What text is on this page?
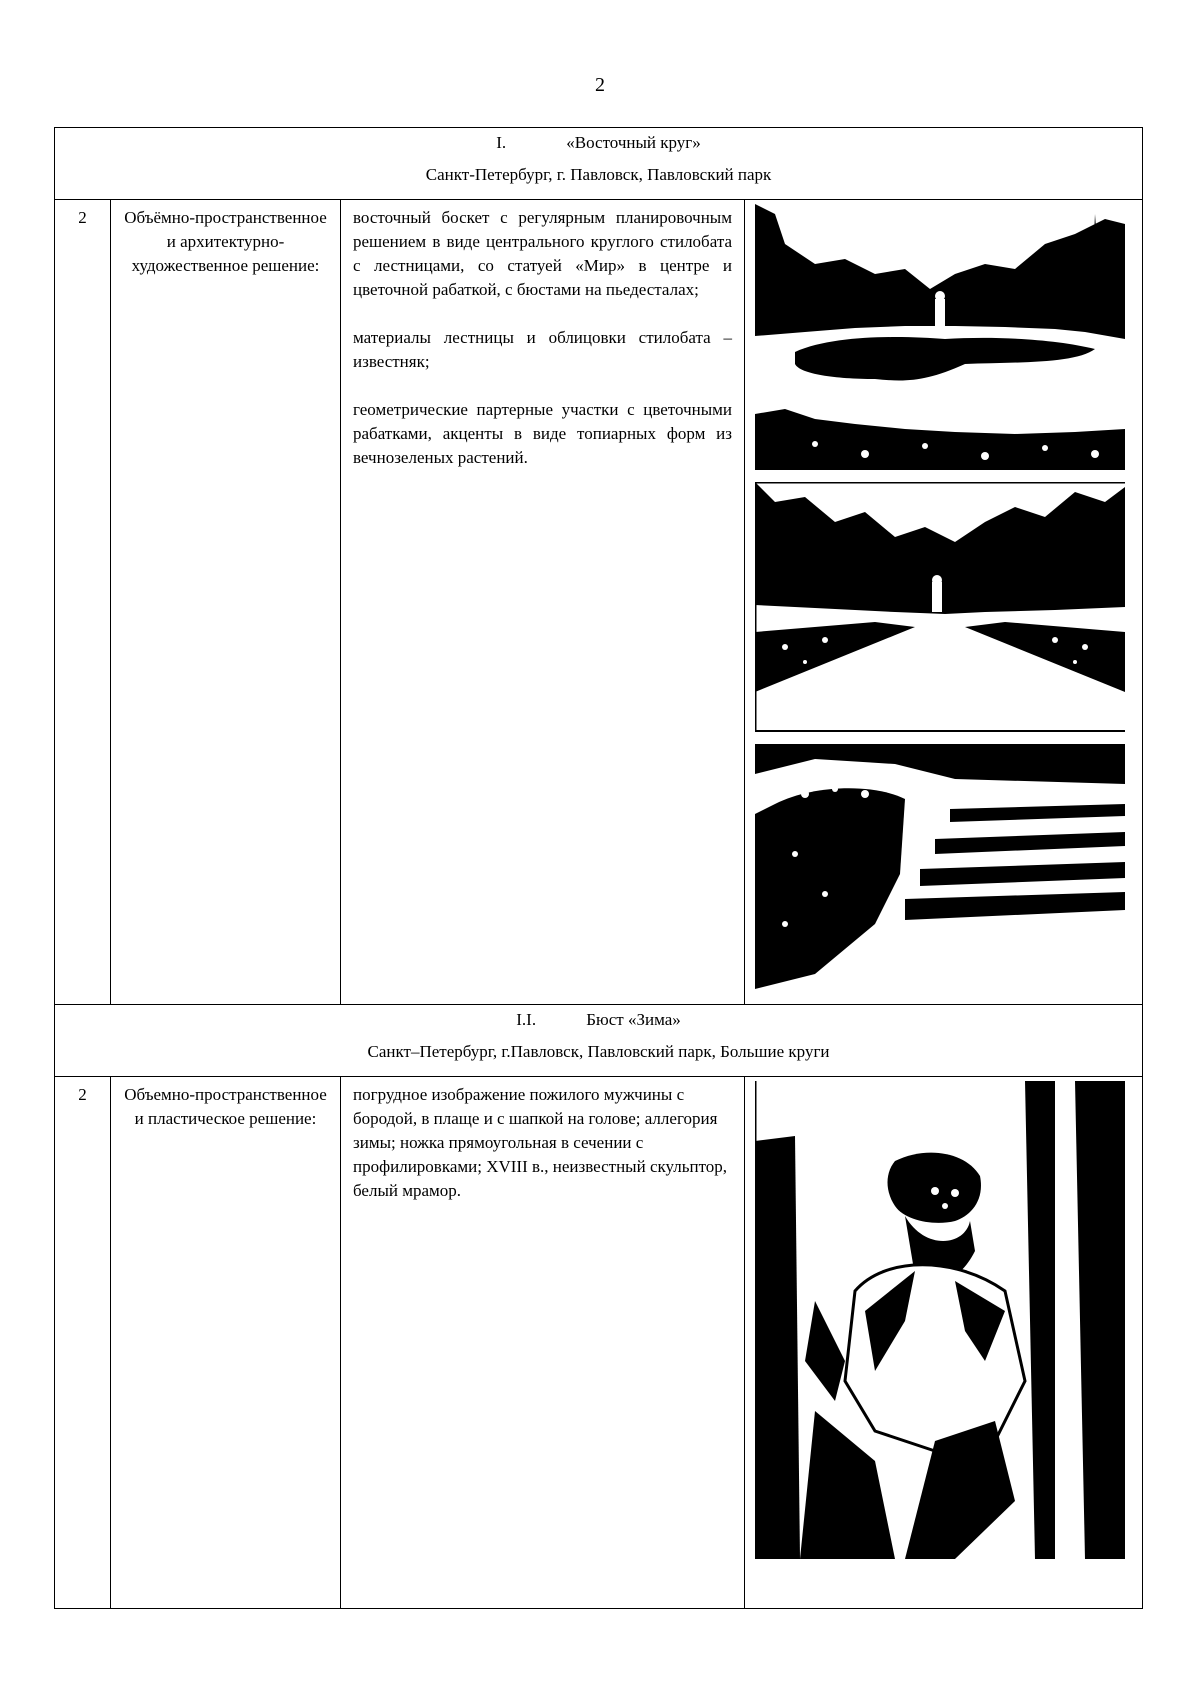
2
I. «Восточный круг»
Санкт-Петербург, г. Павловск, Павловский парк			

2	Объёмно-пространственное и архитектурно-художественное решение:	восточный боскет с регулярным планировочным решением в виде центрального круглого стилобата с лестницами, со статуей «Мир» в центре и цветочной рабаткой, с бюстами на пьедесталах;

материалы лестницы и облицовки стилобата – известняк;

геометрические партерные участки с цветочными рабатками, акценты в виде топиарных форм из вечнозеленых растений.

I.I. Бюст «Зима»
Санкт–Петербург, г.Павловск, Павловский парк, Большие круги			

2	Объемно-пространственное и пластическое решение:	погрудное изображение пожилого мужчины с бородой, в плаще и с шапкой на голове; аллегория зимы; ножка прямоугольная в сечении с профилировками; XVIII в., неизвестный скульптор, белый мрамор.	
